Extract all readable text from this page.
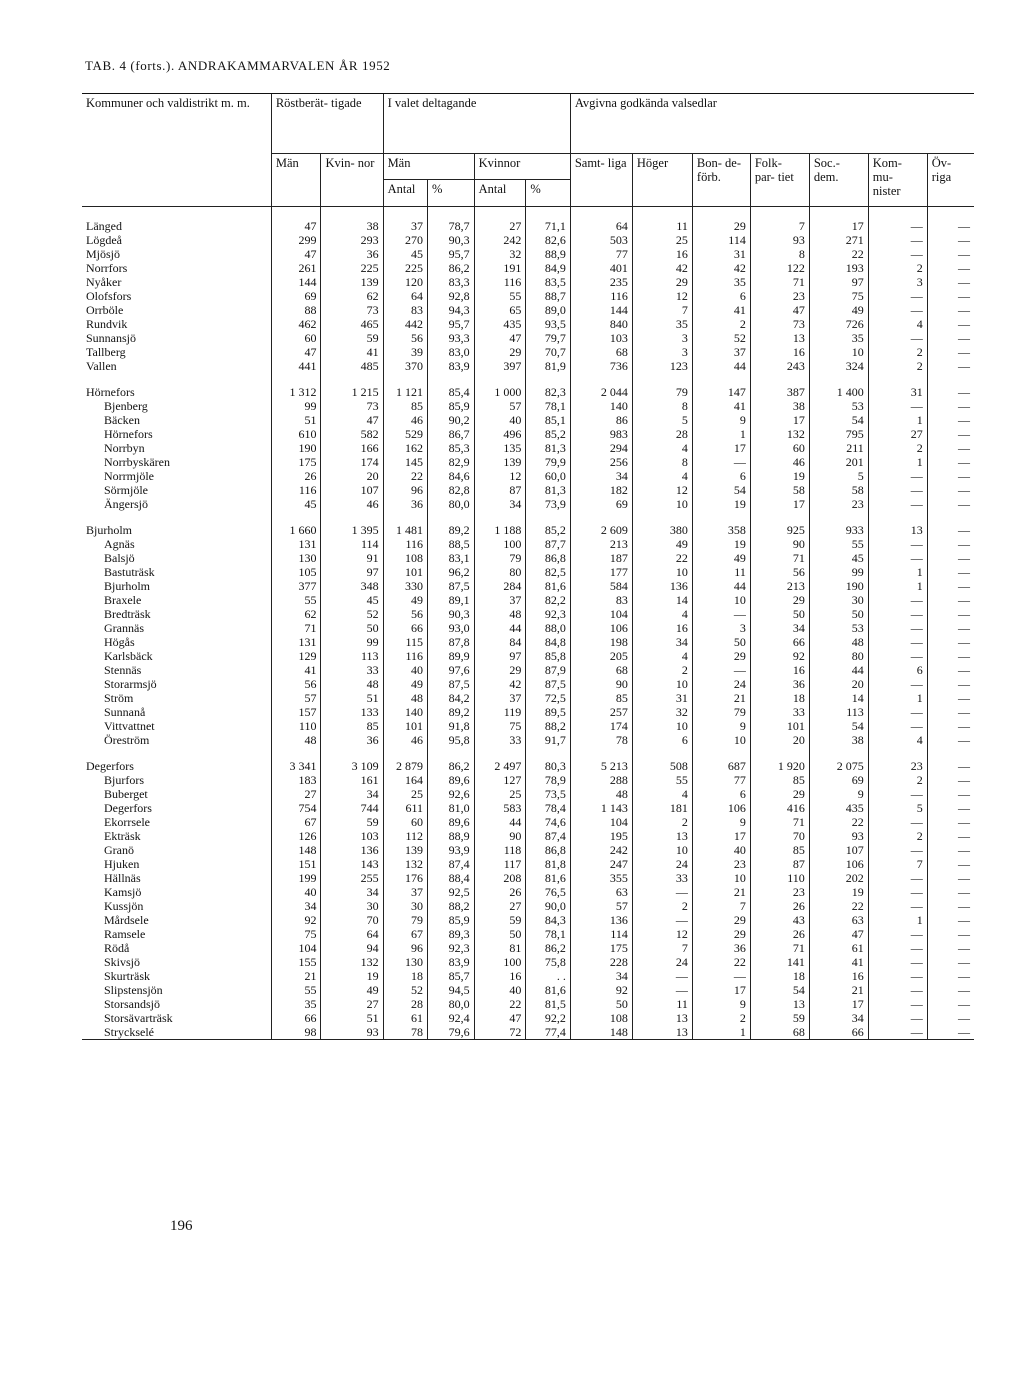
TAB. 4 (forts.). ANDRAKAMMARVALEN ÅR 1952
Kommuner och valdistrikt m. m.	Röstberät- tigade		I valet deltagande				Avgivna godkända valsedlar						
	Män	Kvin- nor	Män		Kvinnor		Samt- liga	Höger	Bon- de- förb.	Folk- par- tiet	Soc.- dem.	Kom- mu- nister	Öv- riga
			Antal	%	Antal	%							

Länged	47	38	37	78,7	27	71,1	64	11	29	7	17	—	—
Lögdeå	299	293	270	90,3	242	82,6	503	25	114	93	271	—	—
Mjösjö	47	36	45	95,7	32	88,9	77	16	31	8	22	—	—
Norrfors	261	225	225	86,2	191	84,9	401	42	42	122	193	2	—
Nyåker	144	139	120	83,3	116	83,5	235	29	35	71	97	3	—
Olofsfors	69	62	64	92,8	55	88,7	116	12	6	23	75	—	—
Orrböle	88	73	83	94,3	65	89,0	144	7	41	47	49	—	—
Rundvik	462	465	442	95,7	435	93,5	840	35	2	73	726	4	—
Sunnansjö	60	59	56	93,3	47	79,7	103	3	52	13	35	—	—
Tallberg	47	41	39	83,0	29	70,7	68	3	37	16	10	2	—
Vallen	441	485	370	83,9	397	81,9	736	123	44	243	324	2	—

Hörnefors	1 312	1 215	1 121	85,4	1 000	82,3	2 044	79	147	387	1 400	31	—
Bjenberg	99	73	85	85,9	57	78,1	140	8	41	38	53	—	—
Bäcken	51	47	46	90,2	40	85,1	86	5	9	17	54	1	—
Hörnefors	610	582	529	86,7	496	85,2	983	28	1	132	795	27	—
Norrbyn	190	166	162	85,3	135	81,3	294	4	17	60	211	2	—
Norrbyskären	175	174	145	82,9	139	79,9	256	8	—	46	201	1	—
Norrmjöle	26	20	22	84,6	12	60,0	34	4	6	19	5	—	—
Sörmjöle	116	107	96	82,8	87	81,3	182	12	54	58	58	—	—
Ängersjö	45	46	36	80,0	34	73,9	69	10	19	17	23	—	—

Bjurholm	1 660	1 395	1 481	89,2	1 188	85,2	2 609	380	358	925	933	13	—
Agnäs	131	114	116	88,5	100	87,7	213	49	19	90	55	—	—
Balsjö	130	91	108	83,1	79	86,8	187	22	49	71	45	—	—
Bastuträsk	105	97	101	96,2	80	82,5	177	10	11	56	99	1	—
Bjurholm	377	348	330	87,5	284	81,6	584	136	44	213	190	1	—
Braxele	55	45	49	89,1	37	82,2	83	14	10	29	30	—	—
Bredträsk	62	52	56	90,3	48	92,3	104	4	—	50	50	—	—
Grannäs	71	50	66	93,0	44	88,0	106	16	3	34	53	—	—
Högås	131	99	115	87,8	84	84,8	198	34	50	66	48	—	—
Karlsbäck	129	113	116	89,9	97	85,8	205	4	29	92	80	—	—
Stennäs	41	33	40	97,6	29	87,9	68	2	—	16	44	6	—
Storarmsjö	56	48	49	87,5	42	87,5	90	10	24	36	20	—	—
Ström	57	51	48	84,2	37	72,5	85	31	21	18	14	1	—
Sunnanå	157	133	140	89,2	119	89,5	257	32	79	33	113	—	—
Vittvattnet	110	85	101	91,8	75	88,2	174	10	9	101	54	—	—
Öreström	48	36	46	95,8	33	91,7	78	6	10	20	38	4	—

Degerfors	3 341	3 109	2 879	86,2	2 497	80,3	5 213	508	687	1 920	2 075	23	—
Bjurfors	183	161	164	89,6	127	78,9	288	55	77	85	69	2	—
Buberget	27	34	25	92,6	25	73,5	48	4	6	29	9	—	—
Degerfors	754	744	611	81,0	583	78,4	1 143	181	106	416	435	5	—
Ekorrsele	67	59	60	89,6	44	74,6	104	2	9	71	22	—	—
Ekträsk	126	103	112	88,9	90	87,4	195	13	17	70	93	2	—
Granö	148	136	139	93,9	118	86,8	242	10	40	85	107	—	—
Hjuken	151	143	132	87,4	117	81,8	247	24	23	87	106	7	—
Hällnäs	199	255	176	88,4	208	81,6	355	33	10	110	202	—	—
Kamsjö	40	34	37	92,5	26	76,5	63	—	21	23	19	—	—
Kussjön	34	30	30	88,2	27	90,0	57	2	7	26	22	—	—
Mårdsele	92	70	79	85,9	59	84,3	136	—	29	43	63	1	—
Ramsele	75	64	67	89,3	50	78,1	114	12	29	26	47	—	—
Rödå	104	94	96	92,3	81	86,2	175	7	36	71	61	—	—
Skivsjö	155	132	130	83,9	100	75,8	228	24	22	141	41	—	—
Skurträsk	21	19	18	85,7	16	. .	34	—	—	18	16	—	—
Slipstensjön	55	49	52	94,5	40	81,6	92	—	17	54	21	—	—
Storsandsjö	35	27	28	80,0	22	81,5	50	11	9	13	17	—	—
Storsävarträsk	66	51	61	92,4	47	92,2	108	13	2	59	34	—	—
Stryckselé	98	93	78	79,6	72	77,4	148	13	1	68	66	—	—

196
